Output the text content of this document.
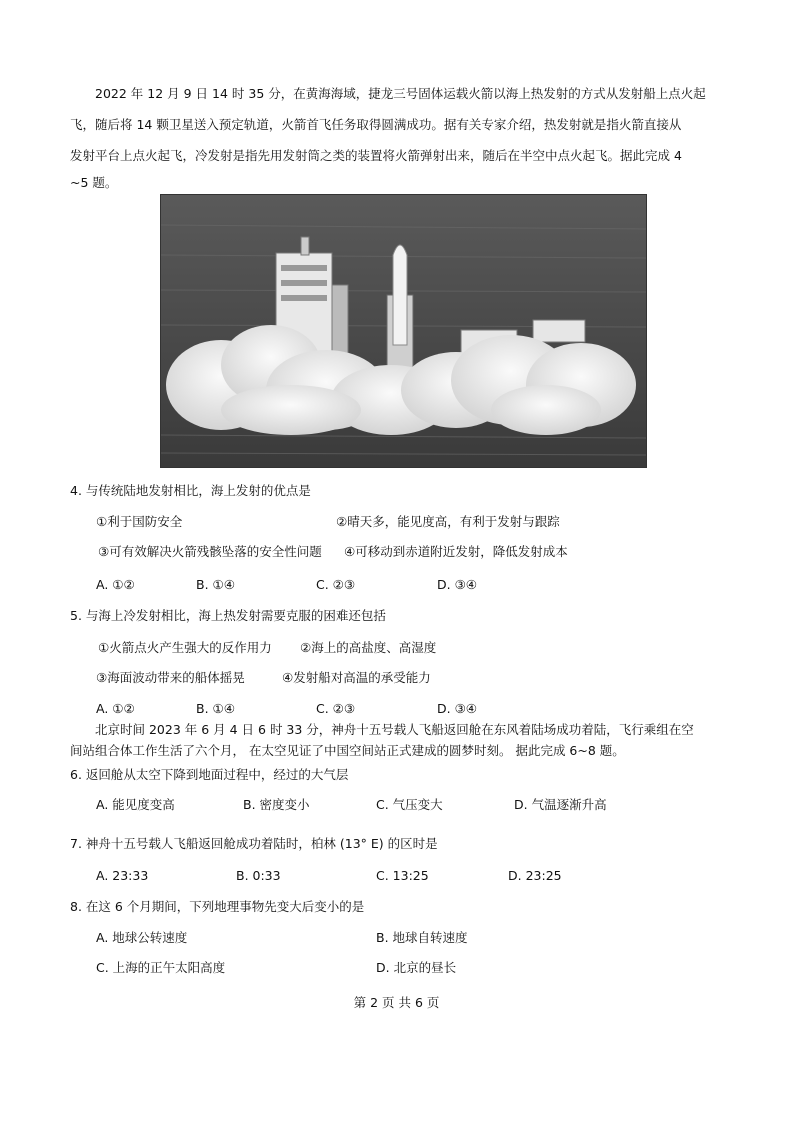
2022 年 12 月 9 日 14 时 35 分，在黄海海域，捷龙三号固体运载火箭以海上热发射的方式从发射船上点火起
飞，随后将 14 颗卫星送入预定轨道，火箭首飞任务取得圆满成功。据有关专家介绍，热发射就是指火箭直接从
发射平台上点火起飞，冷发射是指先用发射筒之类的装置将火箭弹射出来，随后在半空中点火起飞。据此完成 4
~5 题。
4. 与传统陆地发射相比，海上发射的优点是
①利于国防安全	②晴天多，能见度高，有利于发射与跟踪
③可有效解决火箭残骸坠落的安全性问题 ④可移动到赤道附近发射，降低发射成本
A. ①②	B. ①④	C. ②③	D. ③④
5. 与海上冷发射相比，海上热发射需要克服的困难还包括
①火箭点火产生强大的反作用力 ②海上的高盐度、高湿度
③海面波动带来的船体摇晃	④发射船对高温的承受能力
A. ①②	B. ①④	C. ②③	D. ③④
北京时间 2023 年 6 月 4 日 6 时 33 分，神舟十五号载人飞船返回舱在东风着陆场成功着陆，飞行乘组在空
间站组合体工作生活了六个月， 在太空见证了中国空间站正式建成的圆梦时刻。 据此完成 6~8 题。
6. 返回舱从太空下降到地面过程中，经过的大气层
A. 能见度变高	B. 密度变小	C. 气压变大	D. 气温逐渐升高
7. 神舟十五号载人飞船返回舱成功着陆时，柏林 (13° E) 的区时是
A. 23:33	B. 0:33	C. 13:25	D. 23:25
8. 在这 6 个月期间，下列地理事物先变大后变小的是
A. 地球公转速度	B. 地球自转速度
C. 上海的正午太阳高度	D. 北京的昼长
第 2 页 共 6 页
